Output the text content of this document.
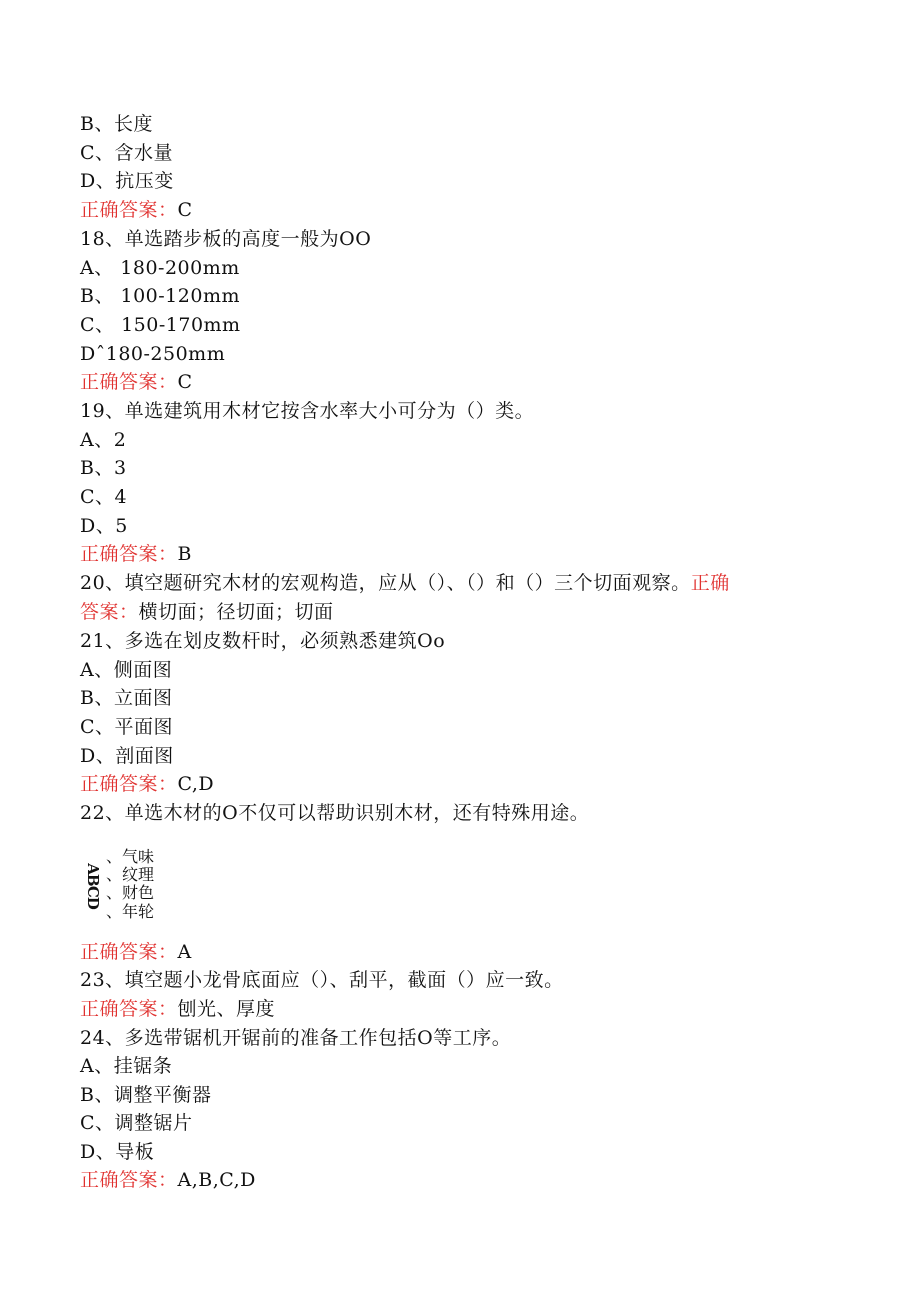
B、长度
C、含水量
D、抗压变
正确答案：C
18、单选踏步板的高度一般为OO
A、 180-200mm
B、 100-120mm
C、 150-170mm
Dˆ180-250mm
正确答案：C
19、单选建筑用木材它按含水率大小可分为（）类。
A、2
B、3
C、4
D、5
正确答案：B
20、填空题研究木材的宏观构造，应从（）、（）和（）三个切面观察。正确
答案：横切面；径切面；切面
21、多选在划皮数杆时，必须熟悉建筑Oo
A、侧面图
B、立面图
C、平面图
D、剖面图
正确答案：C,D
22、单选木材的O不仅可以帮助识别木材，还有特殊用途。
ABCD
、气味
、纹理
、财色
、年轮
正确答案：A
23、填空题小龙骨底面应（）、刮平，截面（）应一致。
正确答案：刨光、厚度
24、多选带锯机开锯前的准备工作包括O等工序。
A、挂锯条
B、调整平衡器
C、调整锯片
D、导板
正确答案：A,B,C,D
